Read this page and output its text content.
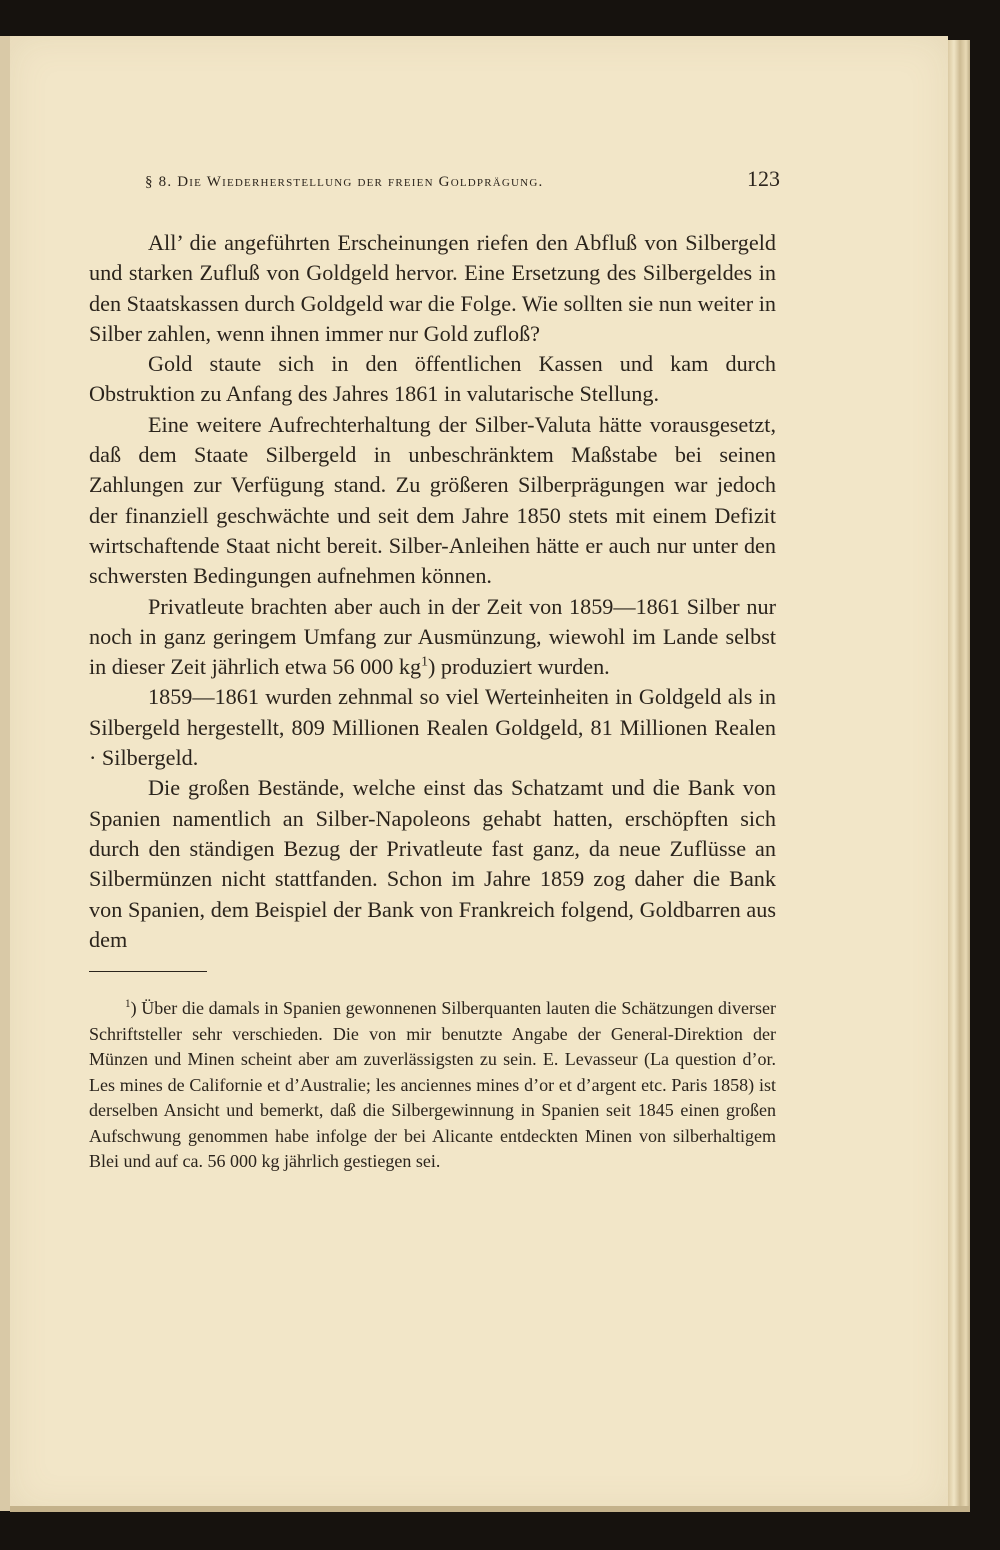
§ 8. Die Wiederherstellung der freien Goldprägung.	123

All’ die angeführten Erscheinungen riefen den Abfluß von Silbergeld und starken Zufluß von Goldgeld hervor. Eine Ersetzung des Silbergeldes in den Staatskassen durch Goldgeld war die Folge. Wie sollten sie nun weiter in Silber zahlen, wenn ihnen immer nur Gold zufloß?

Gold staute sich in den öffentlichen Kassen und kam durch Obstruktion zu Anfang des Jahres 1861 in valutarische Stellung.

Eine weitere Aufrechterhaltung der Silber-Valuta hätte vorausgesetzt, daß dem Staate Silbergeld in unbeschränktem Maßstabe bei seinen Zahlungen zur Verfügung stand. Zu größeren Silberprägungen war jedoch der finanziell geschwächte und seit dem Jahre 1850 stets mit einem Defizit wirtschaftende Staat nicht bereit. Silber-Anleihen hätte er auch nur unter den schwersten Bedingungen aufnehmen können.

Privatleute brachten aber auch in der Zeit von 1859—1861 Silber nur noch in ganz geringem Umfang zur Ausmünzung, wiewohl im Lande selbst in dieser Zeit jährlich etwa 56 000 $kg^1$) produziert wurden.

1859—1861 wurden zehnmal so viel Werteinheiten in Goldgeld als in Silbergeld hergestellt, 809 Millionen Realen Goldgeld, 81 Millionen Realen · Silbergeld.

Die großen Bestände, welche einst das Schatzamt und die Bank von Spanien namentlich an Silber-Napoleons gehabt hatten, erschöpften sich durch den ständigen Bezug der Privatleute fast ganz, da neue Zuflüsse an Silbermünzen nicht stattfanden. Schon im Jahre 1859 zog daher die Bank von Spanien, dem Beispiel der Bank von Frankreich folgend, Goldbarren aus dem

$^1$) Über die damals in Spanien gewonnenen Silberquanten lauten die Schätzungen diverser Schriftsteller sehr verschieden. Die von mir benutzte Angabe der General-Direktion der Münzen und Minen scheint aber am zuverlässigsten zu sein. E. Levasseur (La question d’or. Les mines de Californie et d’Australie; les anciennes mines d’or et d’argent etc. Paris 1858) ist derselben Ansicht und bemerkt, daß die Silbergewinnung in Spanien seit 1845 einen großen Aufschwung genommen habe infolge der bei Alicante entdeckten Minen von silberhaltigem Blei und auf ca. 56 000 kg jährlich gestiegen sei.
